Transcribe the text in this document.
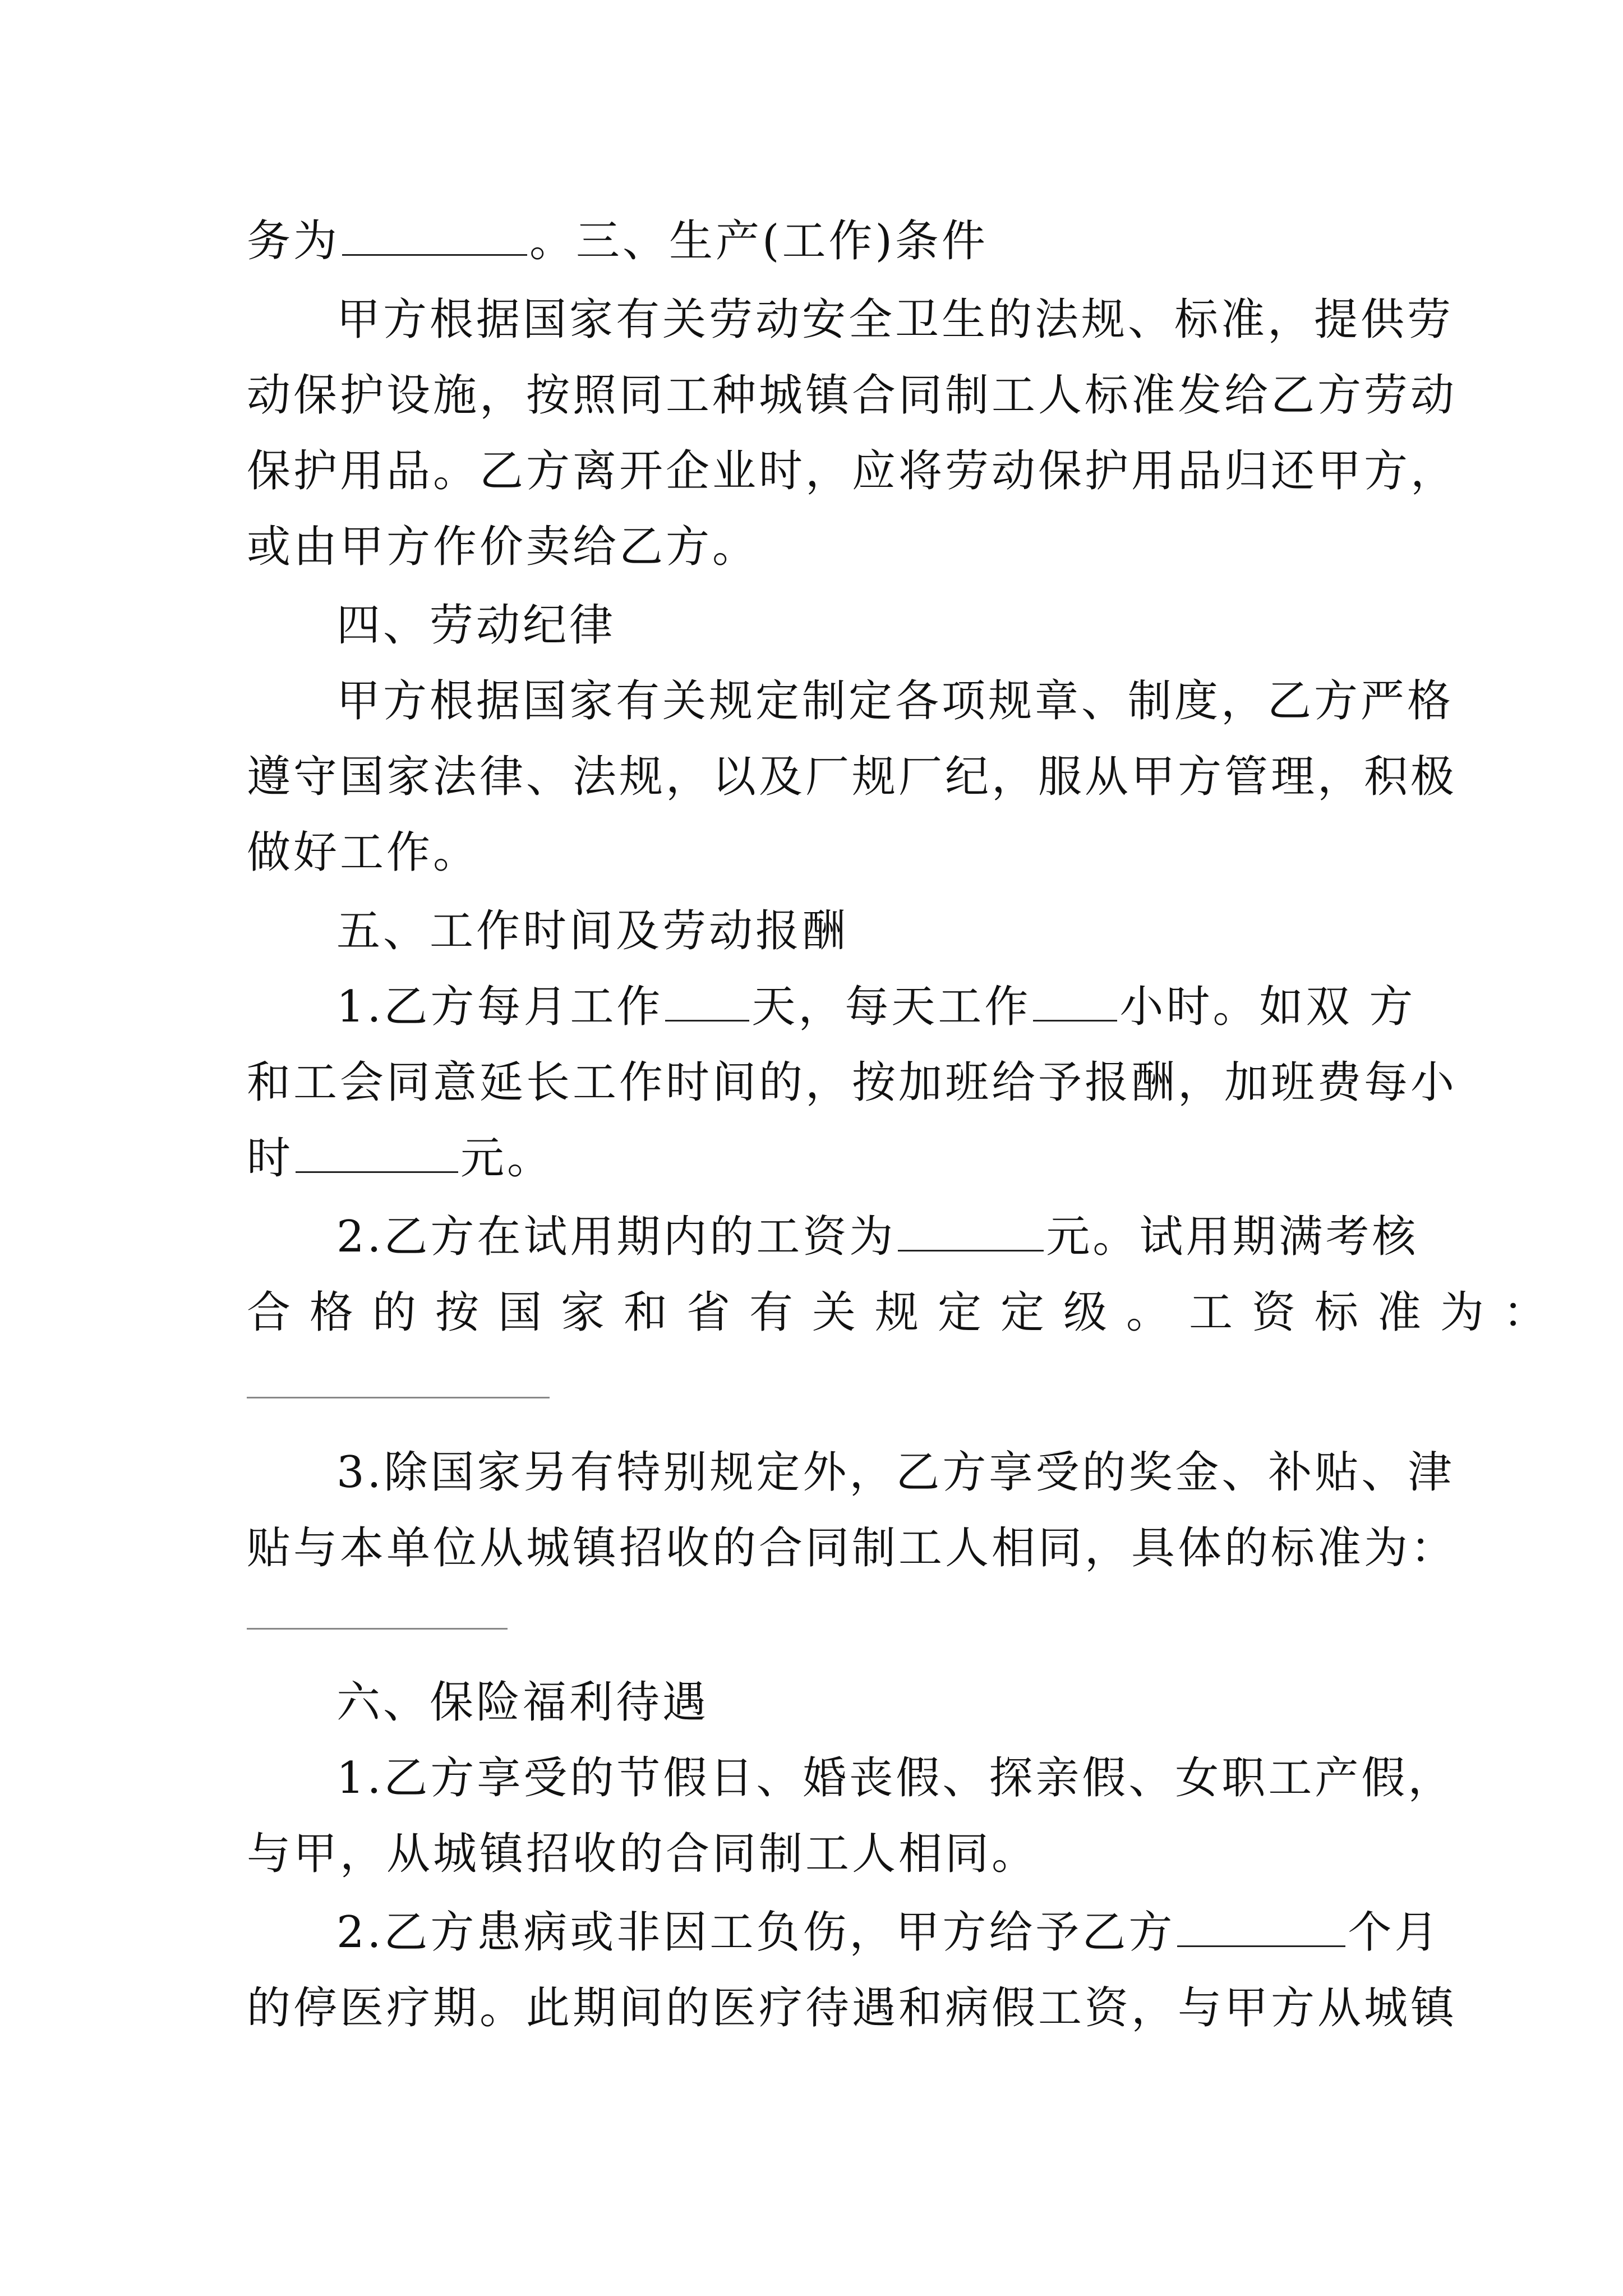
务为	。三、生产(工作)条件
甲方根据国家有关劳动安全卫生的法规、标准，提供劳
动保护设施，按照同工种城镇合同制工人标准发给乙方劳动
保护用品。乙方离开企业时，应将劳动保护用品归还甲方，
或由甲方作价卖给乙方。
四、劳动纪律
甲方根据国家有关规定制定各项规章、制度，乙方严格
遵守国家法律、法规，以及厂规厂纪，服从甲方管理，积极
做好工作。
五、工作时间及劳动报酬
1.乙方每月工作 天，每天工作 小时。如双 方
和工会同意延长工作时间的，按加班给予报酬，加班费每小
时	元。
2.乙方在试用期内的工资为	元。试用期满考核
合格的按国家和省有关规定定级。工资标准为：
3.除国家另有特别规定外，乙方享受的奖金、补贴、津
贴与本单位从城镇招收的合同制工人相同，具体的标准为：
六、保险福利待遇
1.乙方享受的节假日、婚丧假、探亲假、女职工产假，
与甲，从城镇招收的合同制工人相同。
2.乙方患病或非因工负伤，甲方给予乙方	个月
的停医疗期。此期间的医疗待遇和病假工资，与甲方从城镇
